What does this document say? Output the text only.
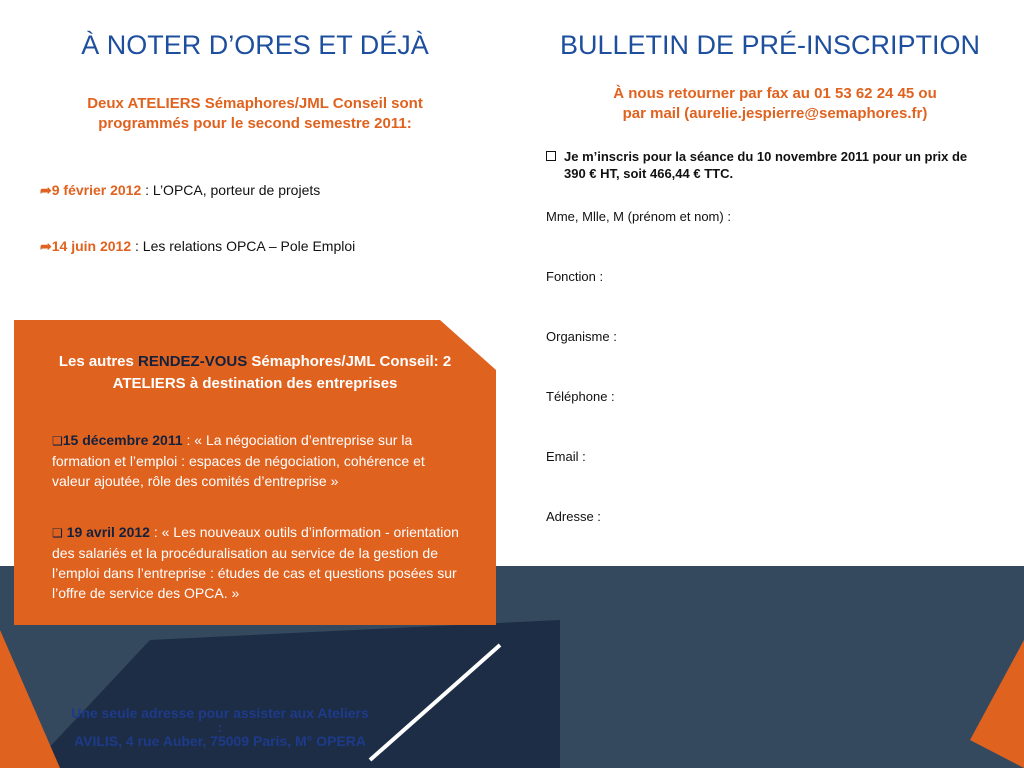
À NOTER D’ORES ET DÉJÀ
Deux ATELIERS Sémaphores/JML Conseil sont programmés pour le second semestre 2011:
➦9 février 2012 : L’OPCA, porteur de projets
➦14 juin 2012 : Les relations OPCA – Pole Emploi
Les autres RENDEZ-VOUS Sémaphores/JML Conseil: 2 ATELIERS à destination des entreprises
❑15 décembre 2011 : « La négociation d’entreprise sur la formation et l’emploi : espaces de négociation, cohérence et valeur ajoutée, rôle des comités d’entreprise »
❑ 19 avril 2012 : « Les nouveaux outils d’information - orientation des salariés et la procéduralisation au service de la gestion de l’emploi dans l’entreprise : études de cas et questions posées sur l’offre de service des OPCA. »
Une seule adresse pour assister aux Ateliers
:
AVILIS, 4 rue Auber, 75009 Paris, M° OPERA
BULLETIN DE PRÉ-INSCRIPTION
À nous retourner par fax au 01 53 62 24 45 ou
par mail (aurelie.jespierre@semaphores.fr)
Je m’inscris pour la séance du 10 novembre 2011 pour un prix de 390 € HT, soit 466,44 € TTC.
Mme, Mlle, M (prénom et nom) :
Fonction :
Organisme :
Téléphone :
Email :
Adresse :
